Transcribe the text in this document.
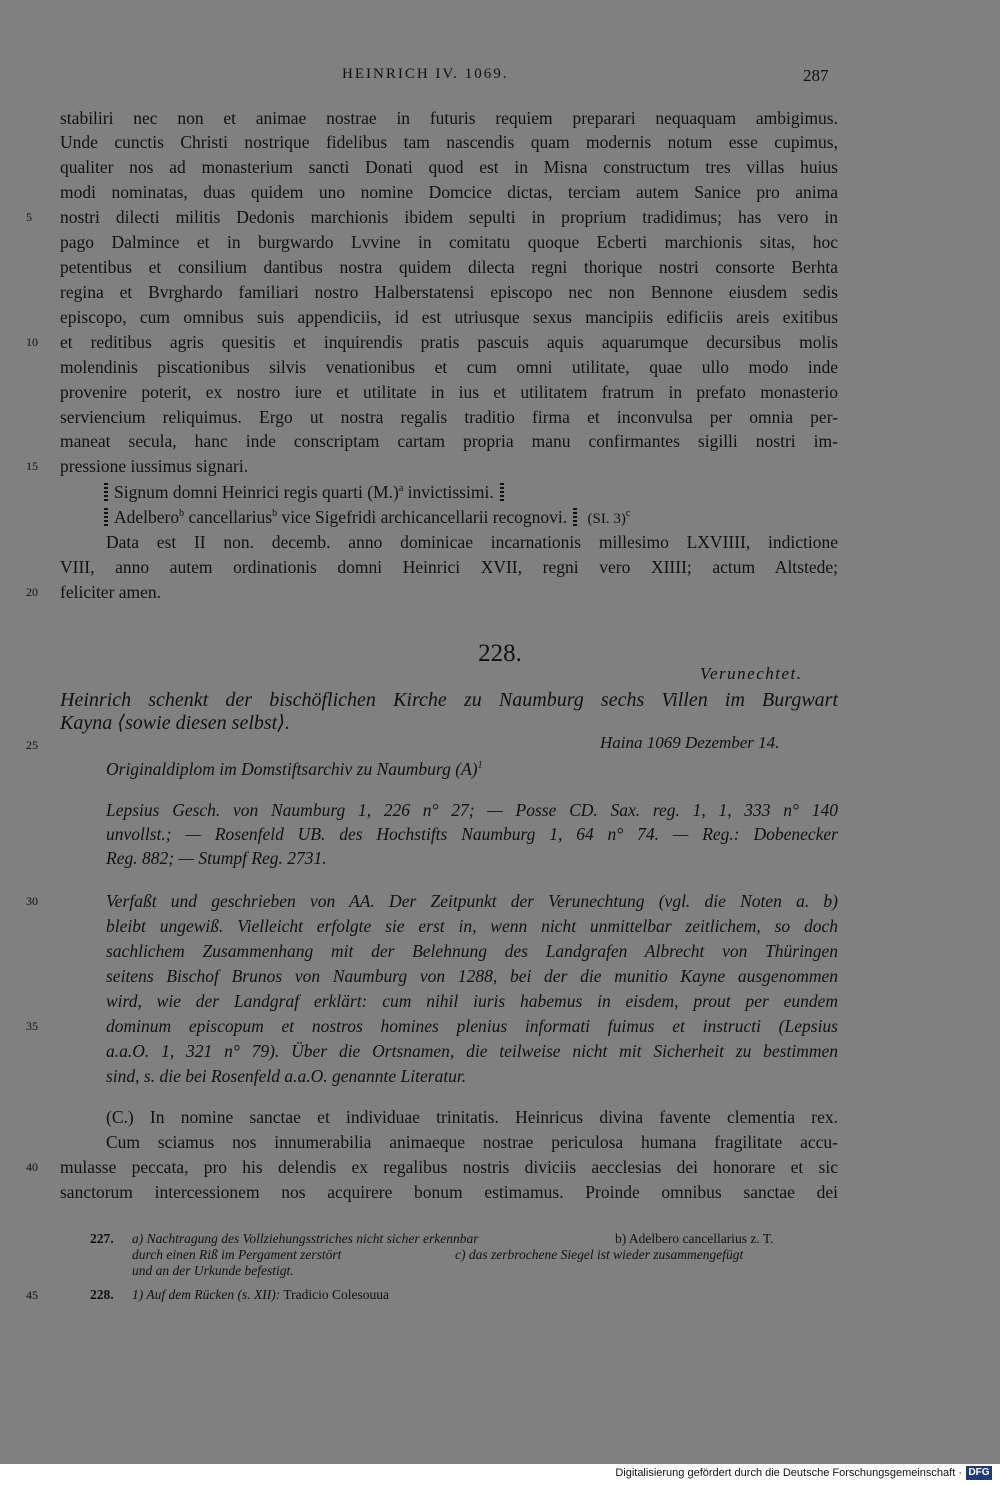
HEINRICH IV. 1069.	287
stabiliri nec non et animae nostrae in futuris requiem preparari nequaquam ambigimus.
Unde cunctis Christi nostrique fidelibus tam nascendis quam modernis notum esse cupimus,
qualiter nos ad monasterium sancti Donati quod est in Misna constructum tres villas huius
modi nominatas, duas quidem uno nomine Domcice dictas, terciam autem Sanice pro anima
5	nostri dilecti militis Dedonis marchionis ibidem sepulti in proprium tradidimus; has vero in
pago Dalmince et in burgwardo Lvvine in comitatu quoque Ecberti marchionis sitas, hoc
petentibus et consilium dantibus nostra quidem dilecta regni thorique nostri consorte Berhta
regina et Bvrghardo familiari nostro Halberstatensi episcopo nec non Bennone eiusdem sedis
episcopo, cum omnibus suis appendiciis, id est utriusque sexus mancipiis edificiis areis exitibus
10	et reditibus agris quesitis et inquirendis pratis pascuis aquis aquarumque decursibus molis
molendinis piscationibus silvis venationibus et cum omni utilitate, quae ullo modo inde
provenire poterit, ex nostro iure et utilitate in ius et utilitatem fratrum in prefato monasterio
serviencium reliquimus. Ergo ut nostra regalis traditio firma et inconvulsa per omnia per-
maneat secula, hanc inde conscriptam cartam propria manu confirmantes sigilli nostri im-
15	pressione iussimus signari.
Signum domni Heinrici regis quarti $(M.)^a$ invictissimi.
Adelbero$^b$ cancellarius$^b$ vice Sigefridi archicancellarii recognovi. (SI. 3)$^c$
Data est II non. decemb. anno dominicae incarnationis millesimo LXVIIII, indictione
VIII, anno autem ordinationis domni Heinrici XVII, regni vero XIIII; actum Altstede;
20	feliciter amen.
228.
Verunechtet.
Heinrich schenkt der bischöflichen Kirche zu Naumburg sechs Villen im Burgwart
Kayna ⟨sowie diesen selbst⟩.
25	Haina 1069 Dezember 14.
Originaldiplom im Domstiftsarchiv zu Naumburg $(A)^1$
Lepsius Gesch. von Naumburg 1, 226 n° 27; — Posse CD. Sax. reg. 1, 1, 333 n° 140
unvollst.; — Rosenfeld UB. des Hochstifts Naumburg 1, 64 n° 74. — Reg.: Dobenecker
Reg. 882; — Stumpf Reg. 2731.
30	Verfaßt und geschrieben von AA. Der Zeitpunkt der Verunechtung (vgl. die Noten a. b)
bleibt ungewiß. Vielleicht erfolgte sie erst in, wenn nicht unmittelbar zeitlichem, so doch
sachlichem Zusammenhang mit der Belehnung des Landgrafen Albrecht von Thüringen
seitens Bischof Brunos von Naumburg von 1288, bei der die munitio Kayne ausgenommen
wird, wie der Landgraf erklärt: cum nihil iuris habemus in eisdem, prout per eundem
35	dominum episcopum et nostros homines plenius informati fuimus et instructi (Lepsius
a.a.O. 1, 321 n° 79). Über die Ortsnamen, die teilweise nicht mit Sicherheit zu bestimmen
sind, s. die bei Rosenfeld a.a.O. genannte Literatur.
(C.) In nomine sanctae et individuae trinitatis. Heinricus divina favente clementia rex.
Cum sciamus nos innumerabilia animaeque nostrae periculosa humana fragilitate accu-
40	mulasse peccata, pro his delendis ex regalibus nostris diviciis aecclesias dei honorare et sic
sanctorum intercessionem nos acquirere bonum estimamus. Proinde omnibus sanctae dei
227. a) Nachtragung des Vollziehungsstriches nicht sicher erkennbar	b) Adelbero cancellarius z. T.
durch einen Riß im Pergament zerstört	c) das zerbrochene Siegel ist wieder zusammengefügt
und an der Urkunde befestigt.
45	228. 1) Auf dem Rücken (s. XII): Tradicio Colesouua
Digitalisierung gefördert durch die Deutsche Forschungsgemeinschaft · DFG
